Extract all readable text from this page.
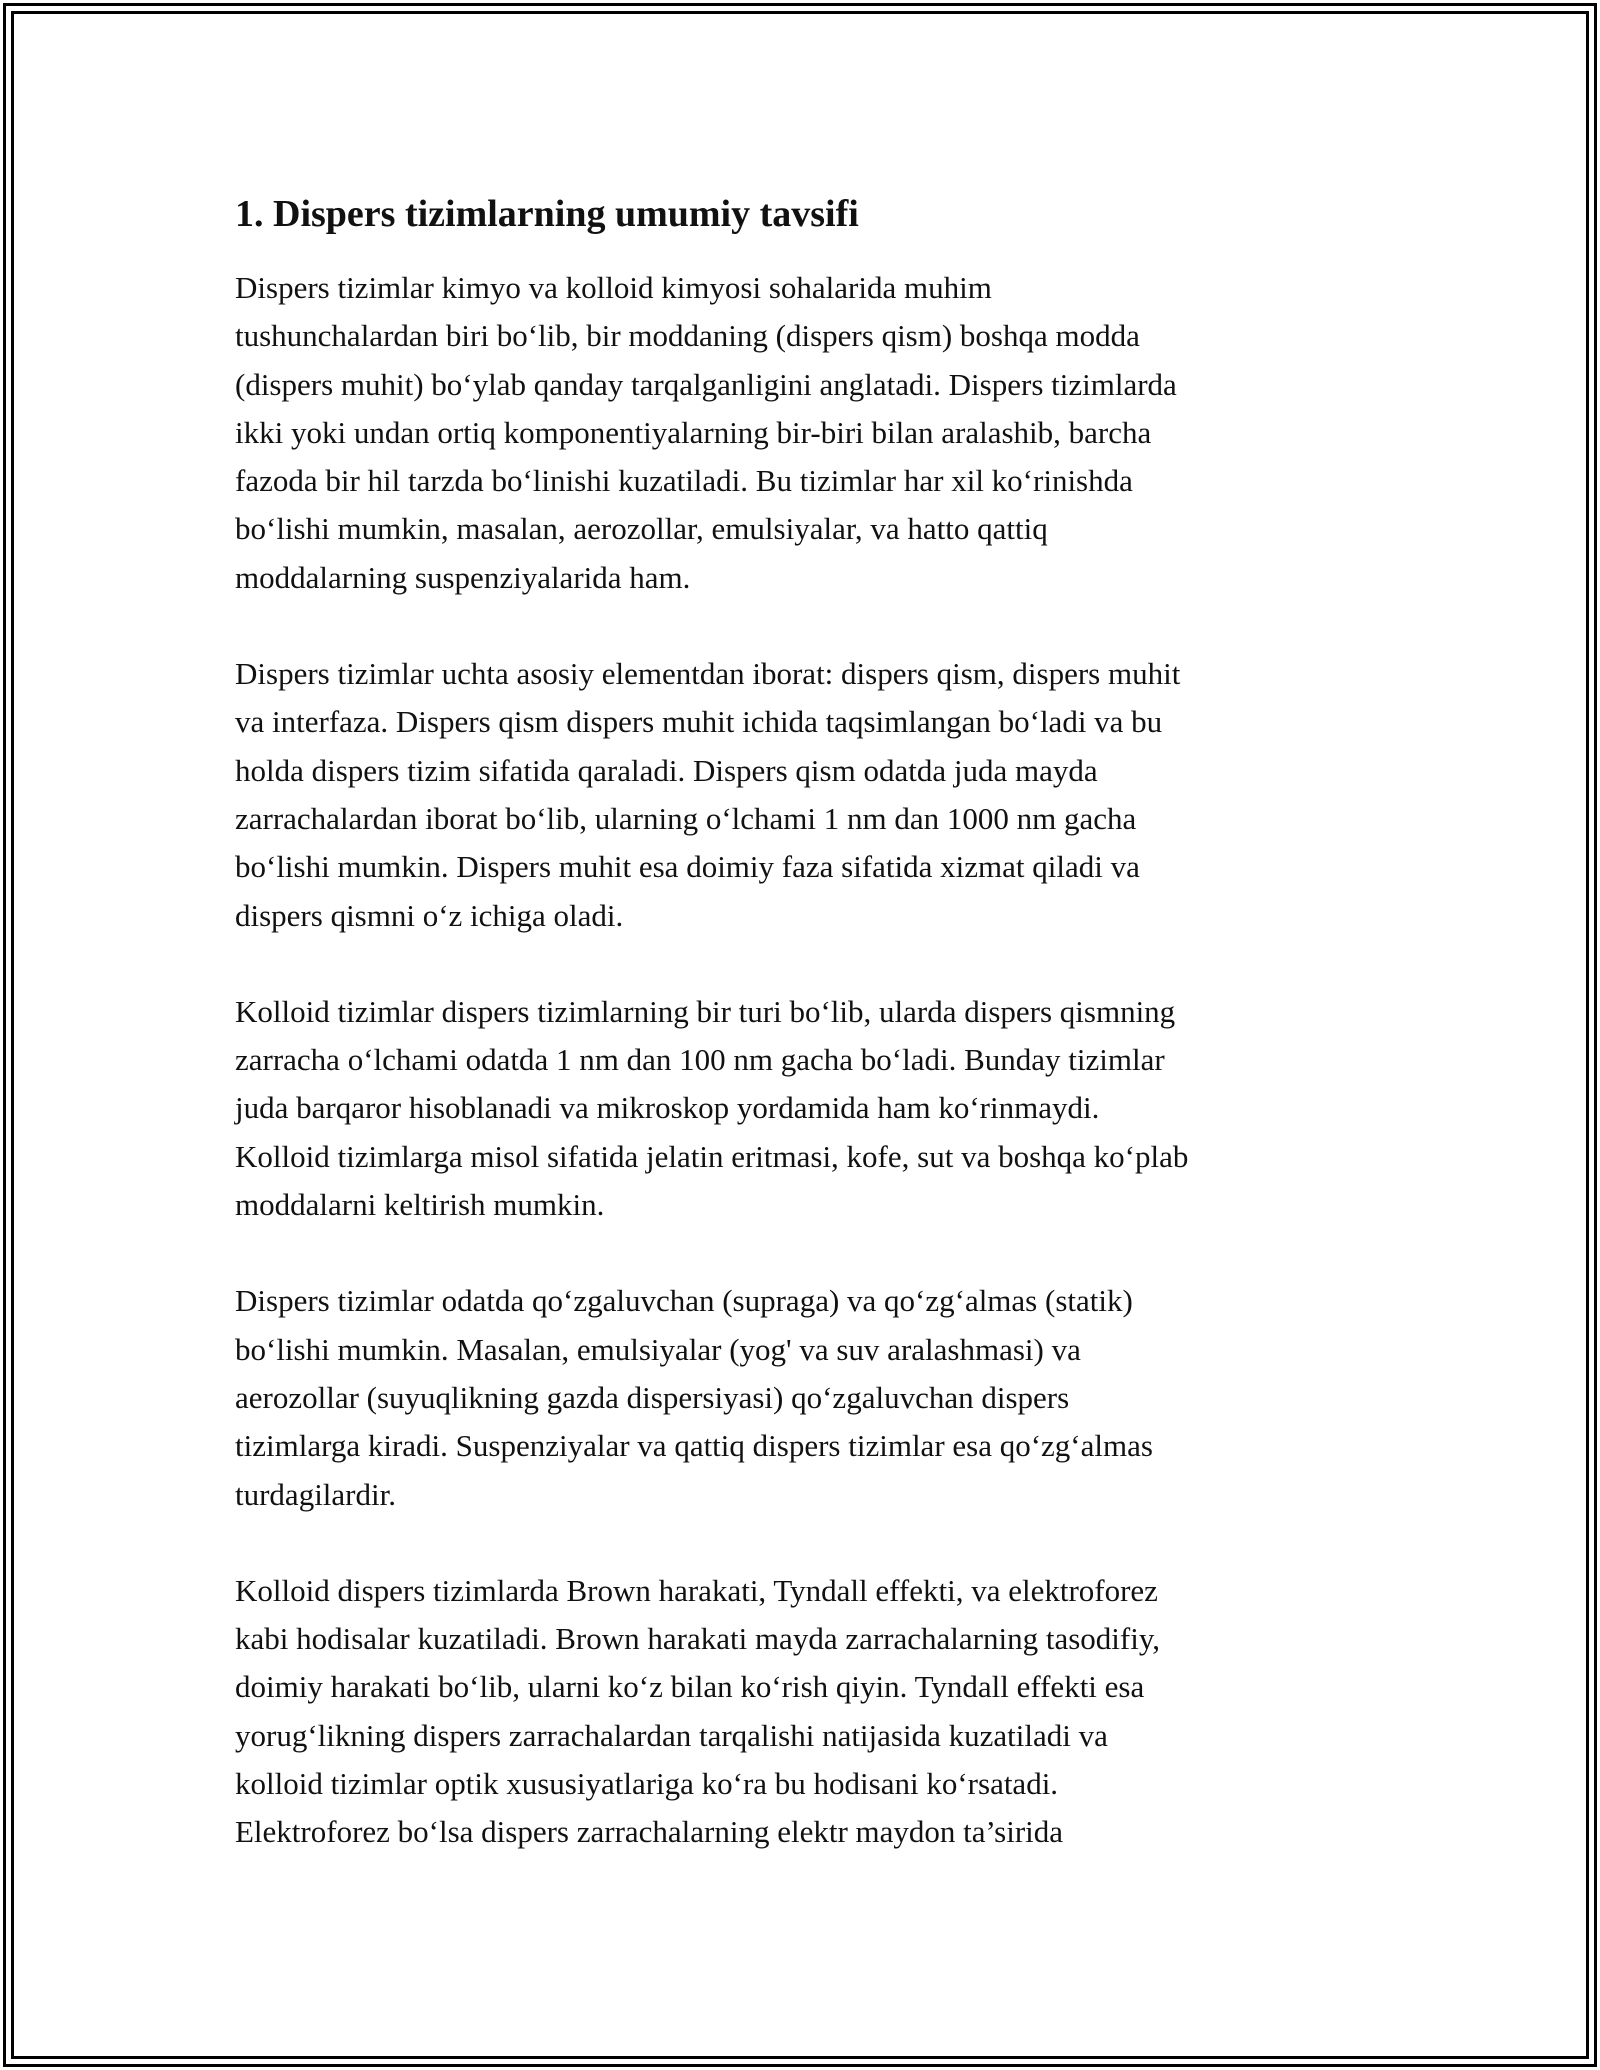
1. Dispers tizimlarning umumiy tavsifi

Dispers tizimlar kimyo va kolloid kimyosi sohalarida muhim
tushunchalardan biri bo‘lib, bir moddaning (dispers qism) boshqa modda
(dispers muhit) bo‘ylab qanday tarqalganligini anglatadi. Dispers tizimlarda
ikki yoki undan ortiq komponentiyalarning bir-biri bilan aralashib, barcha
fazoda bir hil tarzda bo‘linishi kuzatiladi. Bu tizimlar har xil ko‘rinishda
bo‘lishi mumkin, masalan, aerozollar, emulsiyalar, va hatto qattiq
moddalarning suspenziyalarida ham.

Dispers tizimlar uchta asosiy elementdan iborat: dispers qism, dispers muhit
va interfaza. Dispers qism dispers muhit ichida taqsimlangan bo‘ladi va bu
holda dispers tizim sifatida qaraladi. Dispers qism odatda juda mayda
zarrachalardan iborat bo‘lib, ularning o‘lchami 1 nm dan 1000 nm gacha
bo‘lishi mumkin. Dispers muhit esa doimiy faza sifatida xizmat qiladi va
dispers qismni o‘z ichiga oladi.

Kolloid tizimlar dispers tizimlarning bir turi bo‘lib, ularda dispers qismning
zarracha o‘lchami odatda 1 nm dan 100 nm gacha bo‘ladi. Bunday tizimlar
juda barqaror hisoblanadi va mikroskop yordamida ham ko‘rinmaydi.
Kolloid tizimlarga misol sifatida jelatin eritmasi, kofe, sut va boshqa ko‘plab
moddalarni keltirish mumkin.

Dispers tizimlar odatda qo‘zgaluvchan (supraga) va qo‘zg‘almas (statik)
bo‘lishi mumkin. Masalan, emulsiyalar (yog' va suv aralashmasi) va
aerozollar (suyuqlikning gazda dispersiyasi) qo‘zgaluvchan dispers
tizimlarga kiradi. Suspenziyalar va qattiq dispers tizimlar esa qo‘zg‘almas
turdagilardir.

Kolloid dispers tizimlarda Brown harakati, Tyndall effekti, va elektroforez
kabi hodisalar kuzatiladi. Brown harakati mayda zarrachalarning tasodifiy,
doimiy harakati bo‘lib, ularni ko‘z bilan ko‘rish qiyin. Tyndall effekti esa
yorug‘likning dispers zarrachalardan tarqalishi natijasida kuzatiladi va
kolloid tizimlar optik xususiyatlariga ko‘ra bu hodisani ko‘rsatadi.
Elektroforez bo‘lsa dispers zarrachalarning elektr maydon ta’sirida
